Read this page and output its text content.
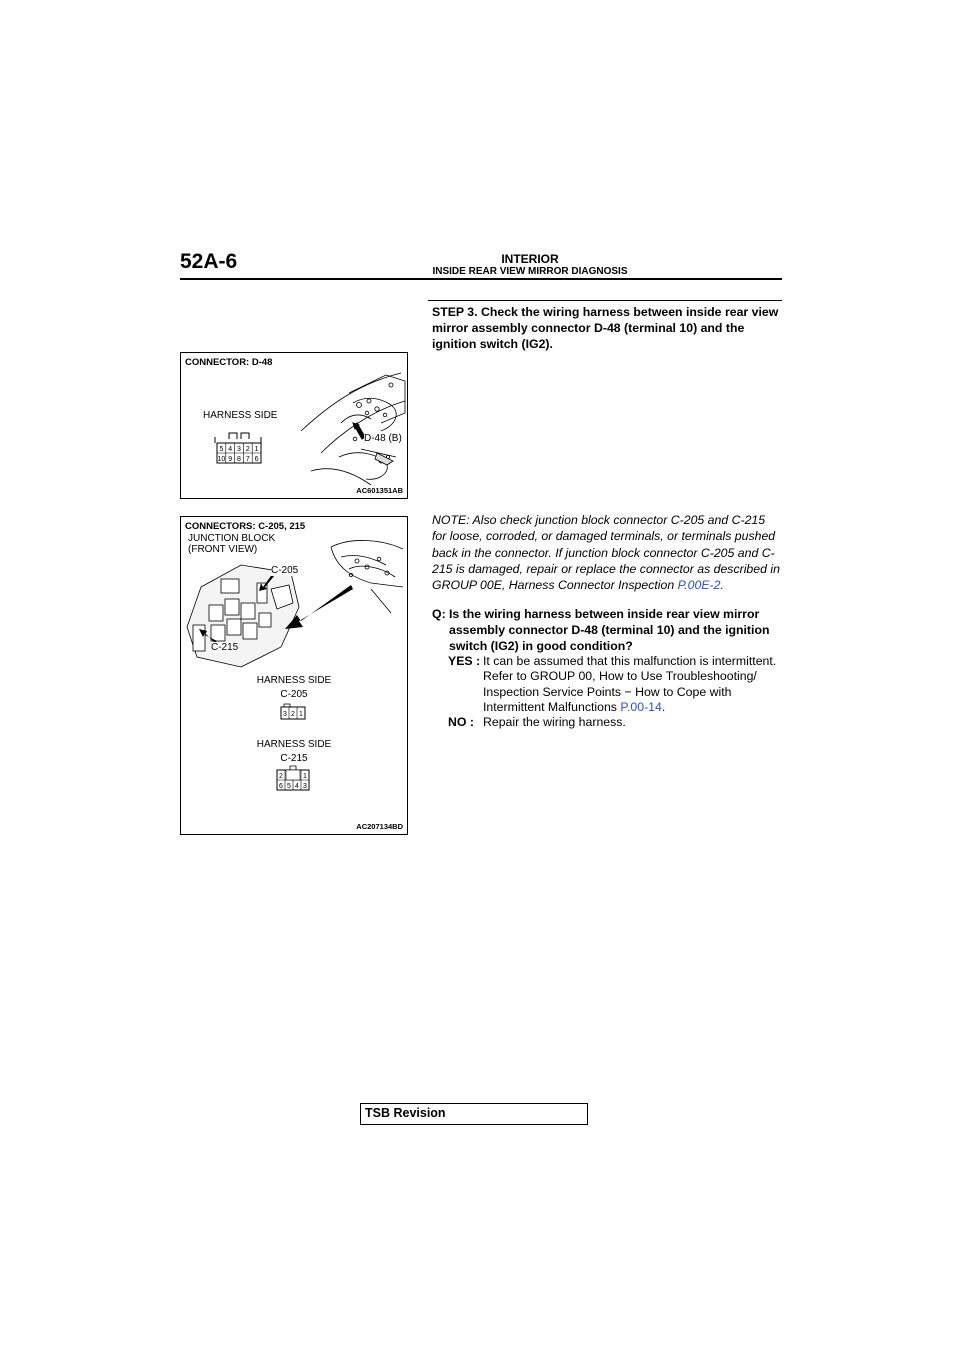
52A-6	INTERIOR
INSIDE REAR VIEW MIRROR DIAGNOSIS
STEP 3. Check the wiring harness between inside rear view mirror assembly connector D-48 (terminal 10) and the ignition switch (IG2).
CONNECTOR: D-48
HARNESS SIDE
5 4 3 2 1
10 9 8 7 6
D-48 (B)
AC601351AB
CONNECTORS: C-205, 215
JUNCTION BLOCK
(FRONT VIEW)
3 2 1
2	1
6 5 4 3
C-205
C-215
HARNESS SIDE
C-205
HARNESS SIDE
C-215
AC207134BD
NOTE: Also check junction block connector C-205 and C-215 for loose, corroded, or damaged terminals, or terminals pushed back in the connector. If junction block connector C-205 and C-215 is damaged, repair or replace the connector as described in GROUP 00E, Harness Connector Inspection P.00E-2.
Q: Is the wiring harness between inside rear view mirror assembly connector D-48 (terminal 10) and the ignition switch (IG2) in good condition?
YES : It can be assumed that this malfunction is intermittent. Refer to GROUP 00, How to Use Troubleshooting/ Inspection Service Points − How to Cope with Intermittent Malfunctions P.00-14.
NO : Repair the wiring harness.
TSB Revision
